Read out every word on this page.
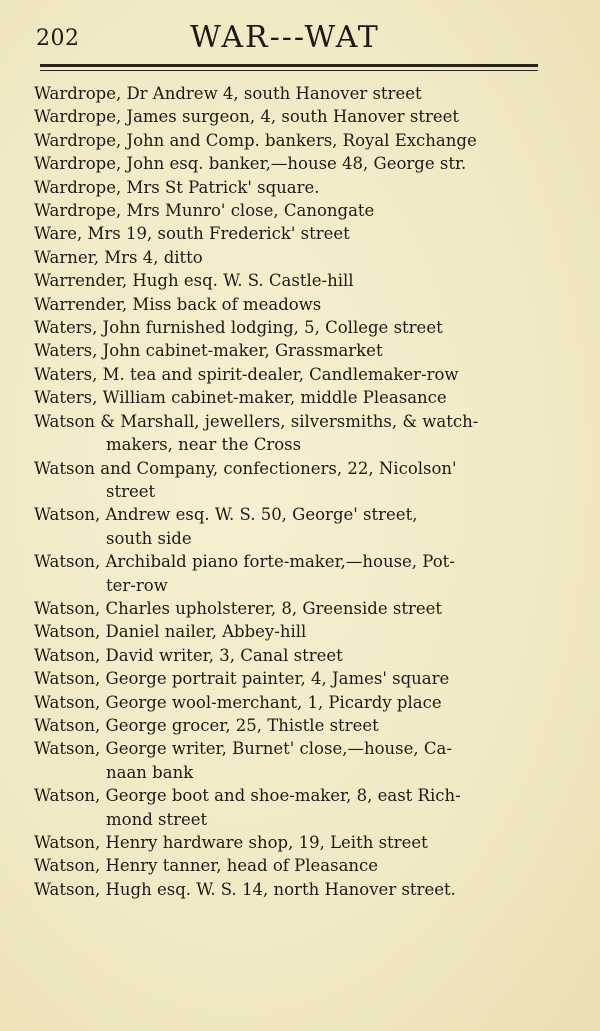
202	WAR---WAT
Wardrope, Dr Andrew 4, south Hanover street
Wardrope, James surgeon, 4, south Hanover street
Wardrope, John and Comp. bankers, Royal Exchange
Wardrope, John esq. banker,—house 48, George str.
Wardrope, Mrs St Patrick' square.
Wardrope, Mrs Munro' close, Canongate
Ware, Mrs 19, south Frederick' street
Warner, Mrs 4, ditto
Warrender, Hugh esq. W. S. Castle-hill
Warrender, Miss back of meadows
Waters, John furnished lodging, 5, College street
Waters, John cabinet-maker, Grassmarket
Waters, M. tea and spirit-dealer, Candlemaker-row
Waters, William cabinet-maker, middle Pleasance
Watson & Marshall, jewellers, silversmiths, & watch-
makers, near the Cross
Watson and Company, confectioners, 22, Nicolson'
street
Watson, Andrew esq. W. S. 50, George' street,
south side
Watson, Archibald piano forte-maker,—house, Pot-
ter-row
Watson, Charles upholsterer, 8, Greenside street
Watson, Daniel nailer, Abbey-hill
Watson, David writer, 3, Canal street
Watson, George portrait painter, 4, James' square
Watson, George wool-merchant, 1, Picardy place
Watson, George grocer, 25, Thistle street
Watson, George writer, Burnet' close,—house, Ca-
naan bank
Watson, George boot and shoe-maker, 8, east Rich-
mond street
Watson, Henry hardware shop, 19, Leith street
Watson, Henry tanner, head of Pleasance
Watson, Hugh esq. W. S. 14, north Hanover street.
